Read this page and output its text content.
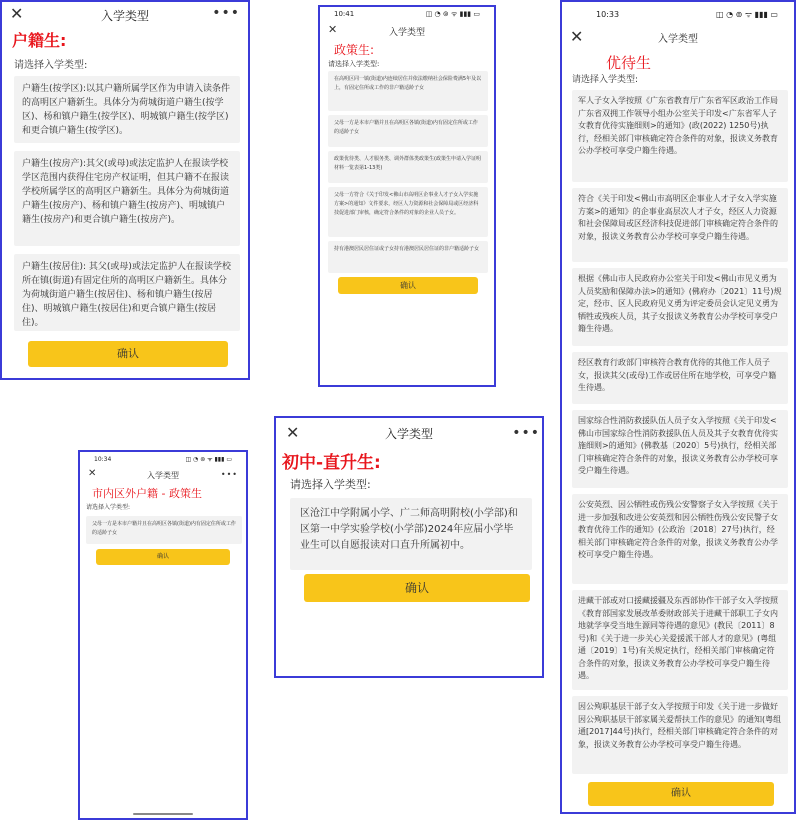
✕	入学类型	•••
户籍生:
请选择入学类型:
户籍生(按学区):以其户籍所属学区作为申请入读条件的高明区户籍新生。具体分为荷城街道户籍生(按学区)、杨和镇户籍生(按学区)、明城镇户籍生(按学区)和更合镇户籍生(按学区)。
户籍生(按房产):其父(或母)或法定监护人在报读学校学区范围内获得住宅房产权证明，但其户籍不在报读学校所属学区的高明区户籍新生。具体分为荷城街道户籍生(按房产)、杨和镇户籍生(按房产)、明城镇户籍生(按房产)和更合镇户籍生(按房产)。
户籍生(按居住): 其父(或母)或法定监护人在报读学校所在镇(街道)有固定住所的高明区户籍新生。具体分为荷城街道户籍生(按居住)、杨和镇户籍生(按居住)、明城镇户籍生(按居住)和更合镇户籍生(按居住)。
确认
10:41	◫ ◔ ⊚ ᯤ ▮▮▮ ▭
✕	入学类型
政策生:
请选择入学类型:
在高明区同一镇(街道)内连续居住并依法缴纳社会保险费满5年及以上，有固定住所或工作的非户籍适龄子女
父母一方是本市户籍并且在高明区各镇(街道)内有固定住所或工作的适龄子女
政策优待类、人才服务类、调外群体类政策生(政策生申请入学证明材料一览表第1-13类)
父母一方符合《关于印发<佛山市高明区企事业人才子女入学实施方案>的通知》文件要求，经区人力资源和社会保障局或区经济科技促进部门审核，确定符合条件的对象的企业人员子女。
持有港澳居民居住证或子女持有港澳居民居住证的非户籍适龄子女
确认
10:33	◫ ◔ ⊚ ᯤ ▮▮▮ ▭
✕	入学类型
优待生
请选择入学类型:
军人子女入学按照《广东省教育厅广东省军区政治工作局广东省双拥工作领导小组办公室关于印发<广东省军人子女教育优待实施细则>的通知》(政(2022) 1250号)执行，经相关部门审核确定符合条件的对象，报读义务教育公办学校可享受户籍生待遇。
符合《关于印发<佛山市高明区企事业人才子女入学实施方案>的通知》的企事业高层次人才子女，经区人力资源和社会保障局或区经济科技促进部门审核确定符合条件的对象，报读义务教育公办学校可享受户籍生待遇。
根据《佛山市人民政府办公室关于印发<佛山市见义勇为人员奖励和保障办法>的通知》(佛府办〔2021〕11号)规定，经市、区人民政府见义勇为评定委员会认定见义勇为牺牲或残疾人员，其子女报读义务教育公办学校可享受户籍生待遇。
经区教育行政部门审核符合教育优待的其他工作人员子女，报读其父(或母)工作或居住所在地学校，可享受户籍生待遇。
国家综合性消防救援队伍人员子女入学按照《关于印发<佛山市国家综合性消防救援队伍人员及其子女教育优待实施细则>的通知》(佛教基〔2020〕5号)执行，经相关部门审核确定符合条件的对象，报读义务教育公办学校可享受户籍生待遇。
公安英烈、因公牺牲或伤残公安警察子女入学按照《关于进一步加强和改进公安英烈和因公牺牲伤残公安民警子女教育优待工作的通知》(公政治〔2018〕27号)执行，经相关部门审核确定符合条件的对象，报读义务教育公办学校可享受户籍生待遇。
进藏干部或对口援藏援疆及东西部协作干部子女入学按照《教育部国家发展改革委财政部关于进藏干部职工子女内地就学享受当地生源同等待遇的意见》(教民〔2011〕8号)和《关于进一步关心关爱援派干部人才的意见》(粤组通〔2019〕1号)有关规定执行，经相关部门审核确定符合条件的对象，报读义务教育公办学校可享受户籍生待遇。
因公殉职基层干部子女入学按照于印发《关于进一步做好因公殉职基层干部家属关爱帮扶工作的意见》的通知(粤组通[2017]44号)执行，经相关部门审核确定符合条件的对象，报读义务教育公办学校可享受户籍生待遇。
确认
10:34	◫ ◔ ⊚ ᯤ ▮▮▮ ▭
✕	入学类型	•••
市内区外户籍 - 政策生
请选择入学类型:
父母一方是本市户籍并且在高明区各镇(街道)内有固定住所或工作的适龄子女
确认
✕	入学类型	•••
初中-直升生:
请选择入学类型:
区沧江中学附属小学、广二师高明附校(小学部)和区第一中学实验学校(小学部)2024年应届小学毕业生可以自愿报读对口直升所属初中。
确认
